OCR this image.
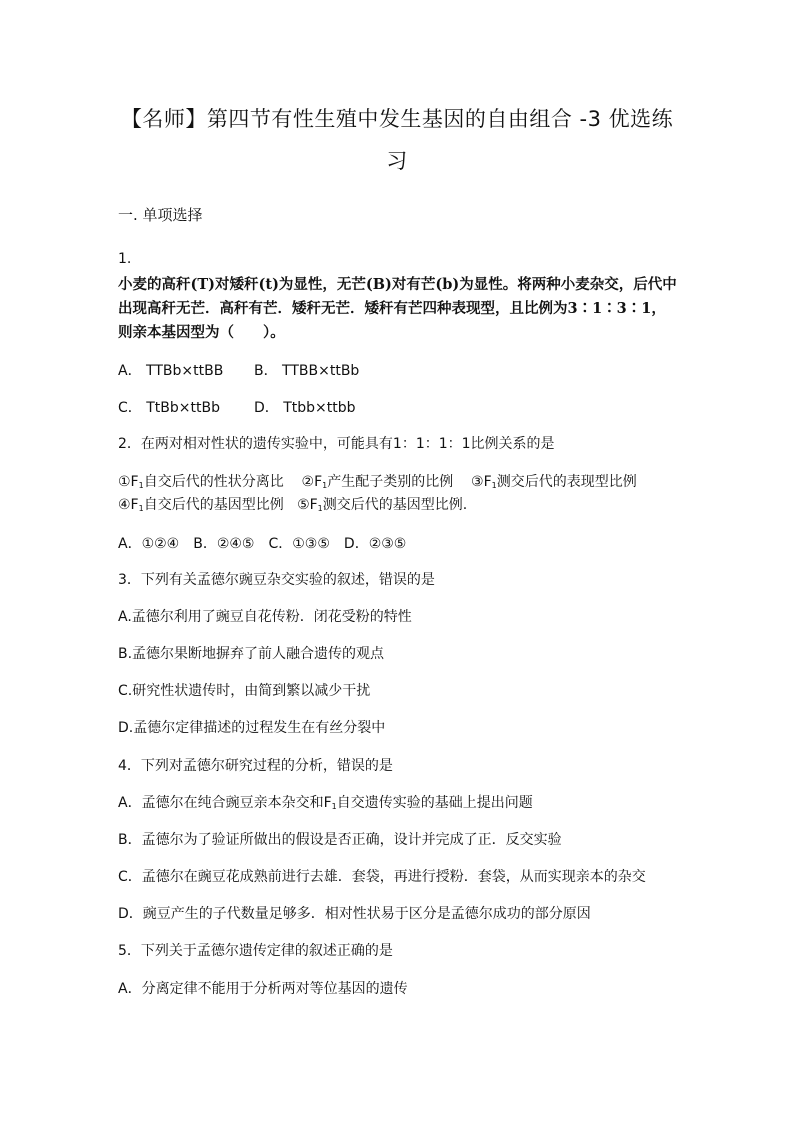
【名师】第四节有性生殖中发生基因的自由组合 -3 优选练
习
一. 单项选择
1.
小麦的高秆(T)对矮秆(t)为显性，无芒(B)对有芒(b)为显性。将两种小麦杂交，后代中
出现高秆无芒．高秆有芒．矮秆无芒．矮秆有芒四种表现型，且比例为3∶1∶3∶1，
则亲本基因型为（　　）。
A． TTBb×ttBB B． TTBB×ttBb
C． TtBb×ttBb D． Ttbb×ttbb
2．在两对相对性状的遗传实验中，可能具有1：1：1：1比例关系的是
$①F_1$自交后代的性状分离比 $②F_1$产生配子类别的比例 $③F_1$测交后代的表现型比例
$④F_1$自交后代的基因型比例 $⑤F_1$测交后代的基因型比例.
A．①②④　B．②④⑤　C．①③⑤　D．②③⑤
3．下列有关孟德尔豌豆杂交实验的叙述，错误的是
A.孟德尔利用了豌豆自花传粉．闭花受粉的特性
B.孟德尔果断地摒弃了前人融合遗传的观点
C.研究性状遗传时，由简到繁以减少干扰
D.孟德尔定律描述的过程发生在有丝分裂中
4．下列对孟德尔研究过程的分析，错误的是
A．孟德尔在纯合豌豆亲本杂交和$F_1$自交遗传实验的基础上提出问题
B．孟德尔为了验证所做出的假设是否正确，设计并完成了正．反交实验
C．孟德尔在豌豆花成熟前进行去雄．套袋，再进行授粉．套袋，从而实现亲本的杂交
D．豌豆产生的子代数量足够多．相对性状易于区分是孟德尔成功的部分原因
5．下列关于孟德尔遗传定律的叙述正确的是
A．分离定律不能用于分析两对等位基因的遗传
